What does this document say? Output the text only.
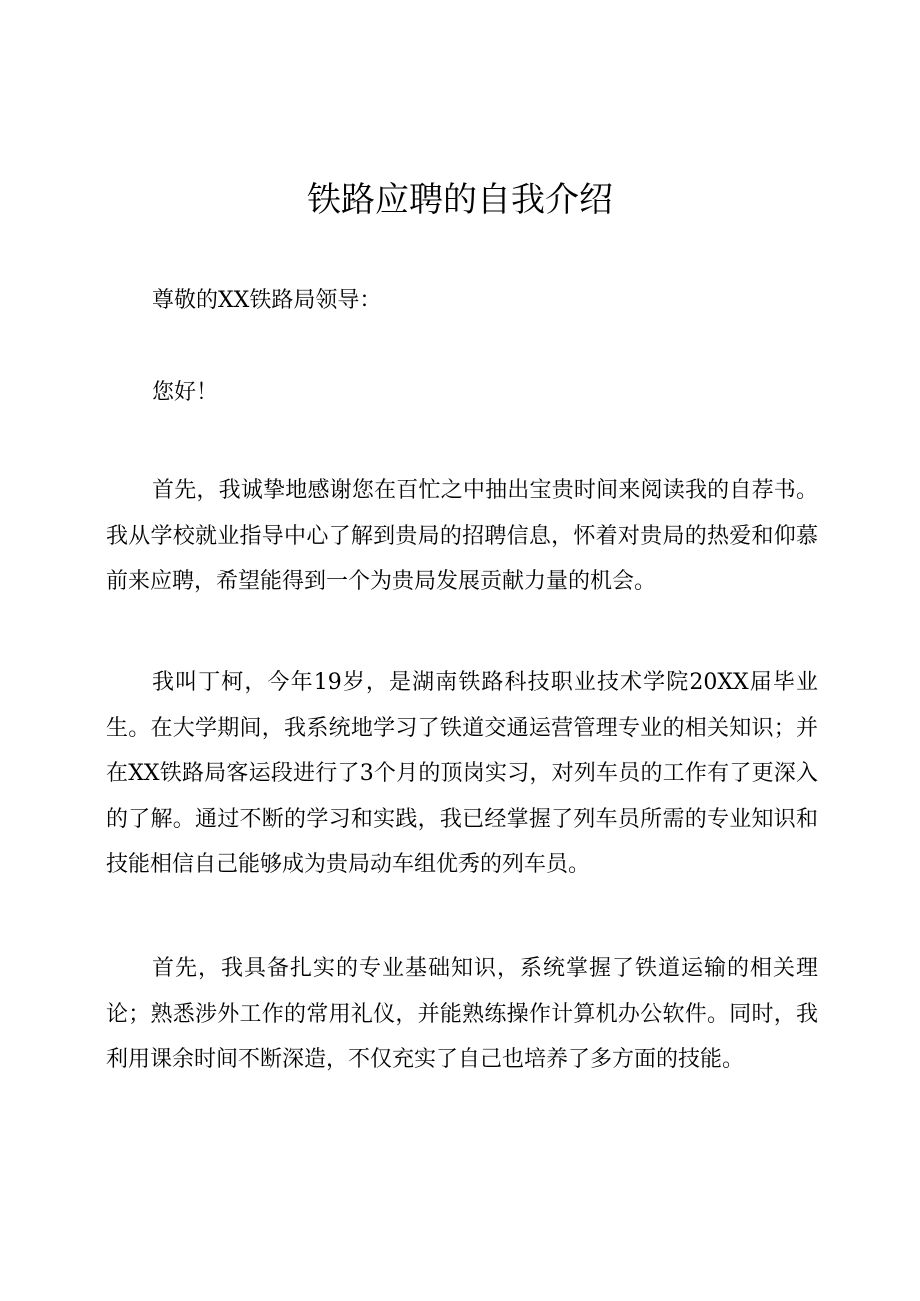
铁路应聘的自我介绍

尊敬的XX铁路局领导：

您好！

首先，我诚挚地感谢您在百忙之中抽出宝贵时间来阅读我的自荐书。我从学校就业指导中心了解到贵局的招聘信息，怀着对贵局的热爱和仰慕前来应聘，希望能得到一个为贵局发展贡献力量的机会。

我叫丁柯，今年19岁，是湖南铁路科技职业技术学院20XX届毕业生。在大学期间，我系统地学习了铁道交通运营管理专业的相关知识；并在XX铁路局客运段进行了3个月的顶岗实习，对列车员的工作有了更深入的了解。通过不断的学习和实践，我已经掌握了列车员所需的专业知识和技能相信自己能够成为贵局动车组优秀的列车员。

首先，我具备扎实的专业基础知识，系统掌握了铁道运输的相关理论；熟悉涉外工作的常用礼仪，并能熟练操作计算机办公软件。同时，我利用课余时间不断深造，不仅充实了自己也培养了多方面的技能。
